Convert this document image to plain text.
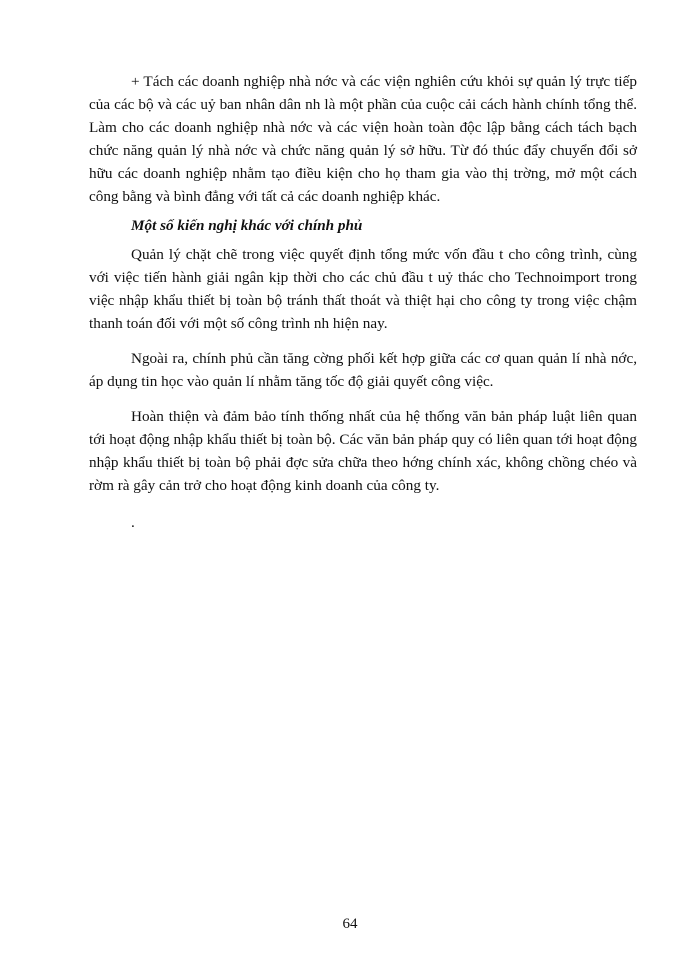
+ Tách các doanh nghiệp nhà nớc và các viện nghiên cứu khỏi sự quản lý trực tiếp của các bộ và các uỷ ban nhân dân nh là một phần của cuộc cải cách hành chính tổng thể. Làm cho các doanh nghiệp nhà nớc và các viện hoàn toàn độc lập bằng cách tách bạch chức năng quản lý nhà nớc và chức năng quản lý sở hữu. Từ đó thúc đẩy chuyển đổi sở hữu các doanh nghiệp nhằm tạo điều kiện cho họ tham gia vào thị trờng, mở một cách công bằng và bình đẳng với tất cả các doanh nghiệp khác.

Một số kiến nghị khác với chính phủ

Quản lý chặt chẽ trong việc quyết định tổng mức vốn đầu t cho công trình, cùng với việc tiến hành giải ngân kịp thời cho các chủ đầu t uỷ thác cho Technoimport trong việc nhập khẩu thiết bị toàn bộ tránh thất thoát và thiệt hại cho công ty trong việc chậm thanh toán đối với một số công trình nh hiện nay.

Ngoài ra, chính phủ cần tăng cờng phối kết hợp giữa các cơ quan quản lí nhà nớc, áp dụng tin học vào quản lí nhằm tăng tốc độ giải quyết công việc.

Hoàn thiện và đảm bảo tính thống nhất của hệ thống văn bản pháp luật liên quan tới hoạt động nhập khẩu thiết bị toàn bộ. Các văn bản pháp quy có liên quan tới hoạt động nhập khẩu thiết bị toàn bộ phải đợc sửa chữa theo hớng chính xác, không chồng chéo và rờm rà gây cản trở cho hoạt động kinh doanh của công ty.

.

64
